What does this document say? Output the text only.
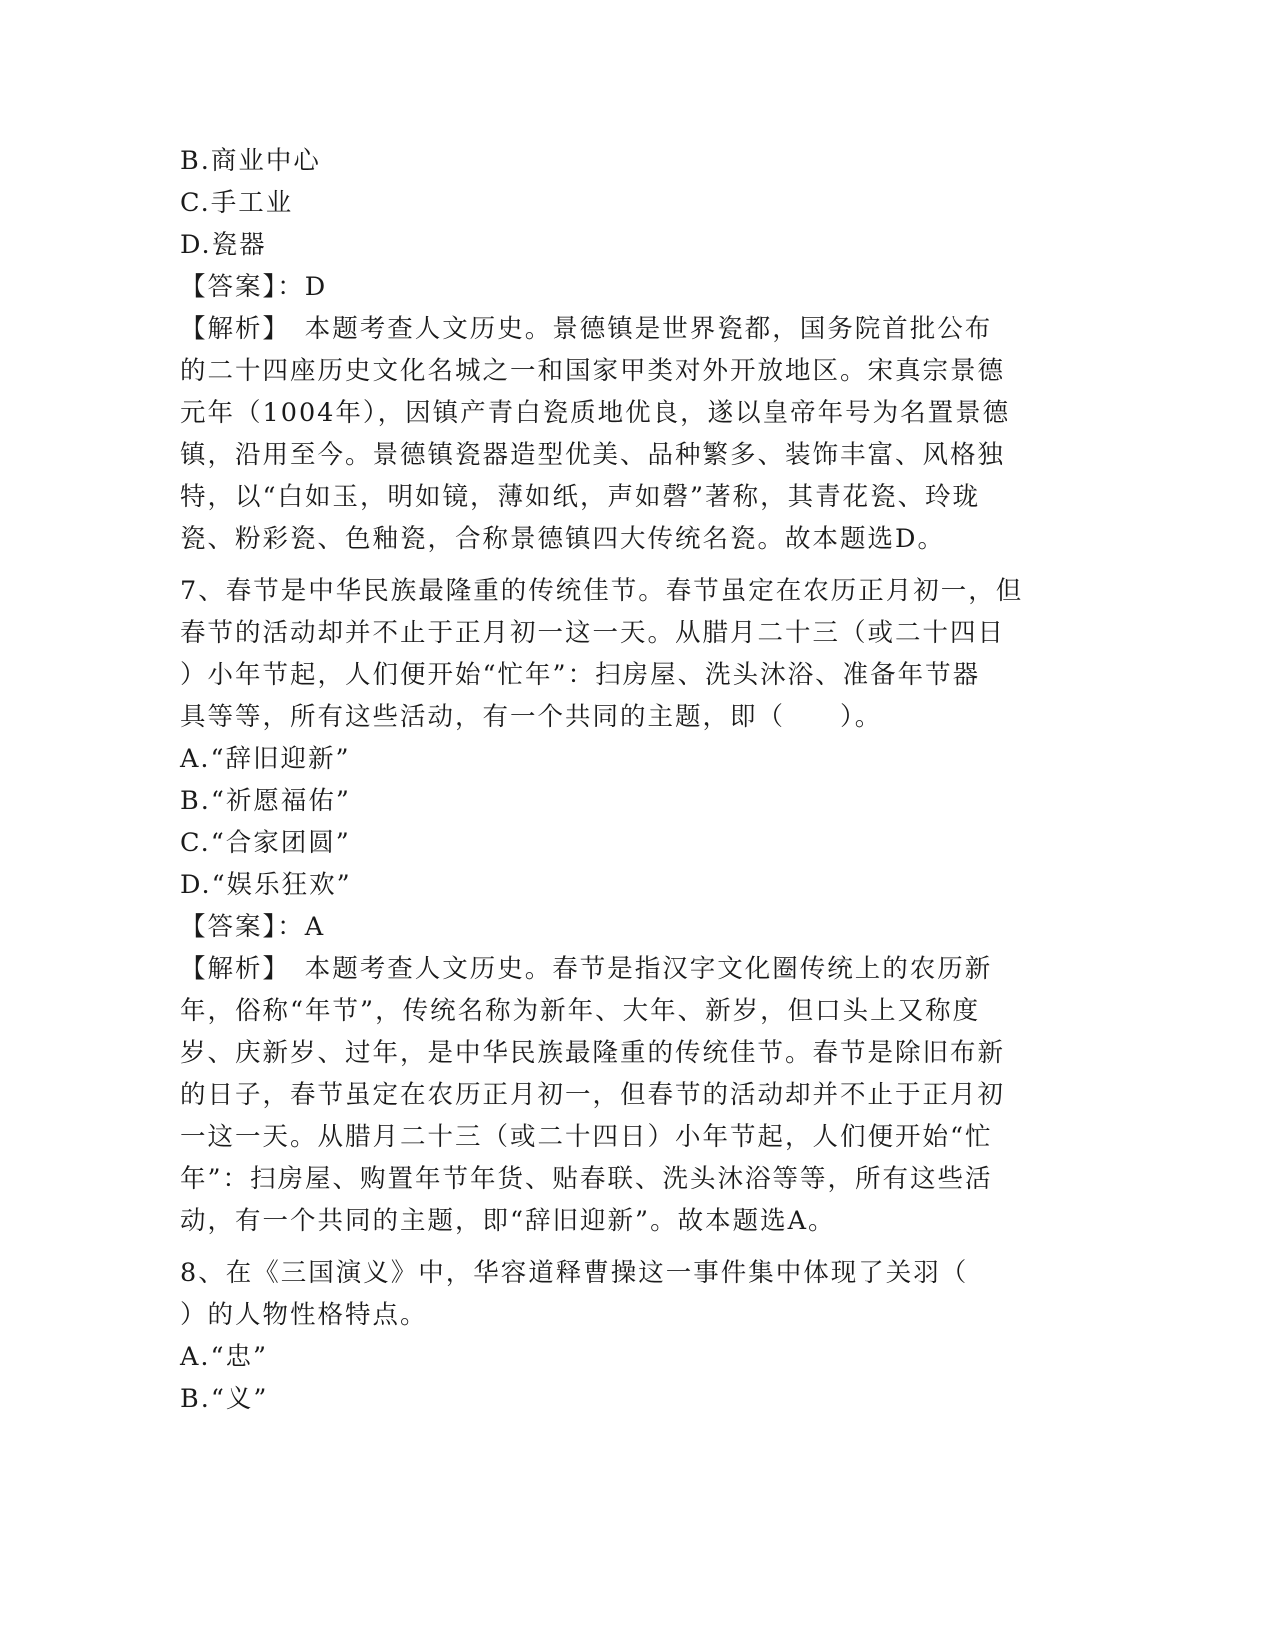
B.商业中心
C.手工业
D.瓷器
【答案】：D
【解析】　本题考查人文历史。景德镇是世界瓷都，国务院首批公布
的二十四座历史文化名城之一和国家甲类对外开放地区。宋真宗景德
元年（1004年），因镇产青白瓷质地优良，遂以皇帝年号为名置景德
镇，沿用至今。景德镇瓷器造型优美、品种繁多、装饰丰富、风格独
特，以“白如玉，明如镜，薄如纸，声如磬”著称，其青花瓷、玲珑
瓷、粉彩瓷、色釉瓷，合称景德镇四大传统名瓷。故本题选D。
7、春节是中华民族最隆重的传统佳节。春节虽定在农历正月初一，但
春节的活动却并不止于正月初一这一天。从腊月二十三（或二十四日
）小年节起，人们便开始“忙年”：扫房屋、洗头沐浴、准备年节器
具等等，所有这些活动，有一个共同的主题，即（　　）。
A.“辞旧迎新”
B.“祈愿福佑”
C.“合家团圆”
D.“娱乐狂欢”
【答案】：A
【解析】　本题考查人文历史。春节是指汉字文化圈传统上的农历新
年，俗称“年节”，传统名称为新年、大年、新岁，但口头上又称度
岁、庆新岁、过年，是中华民族最隆重的传统佳节。春节是除旧布新
的日子，春节虽定在农历正月初一，但春节的活动却并不止于正月初
一这一天。从腊月二十三（或二十四日）小年节起，人们便开始“忙
年”：扫房屋、购置年节年货、贴春联、洗头沐浴等等，所有这些活
动，有一个共同的主题，即“辞旧迎新”。故本题选A。
8、在《三国演义》中，华容道释曹操这一事件集中体现了关羽（
）的人物性格特点。
A.“忠”
B.“义”
